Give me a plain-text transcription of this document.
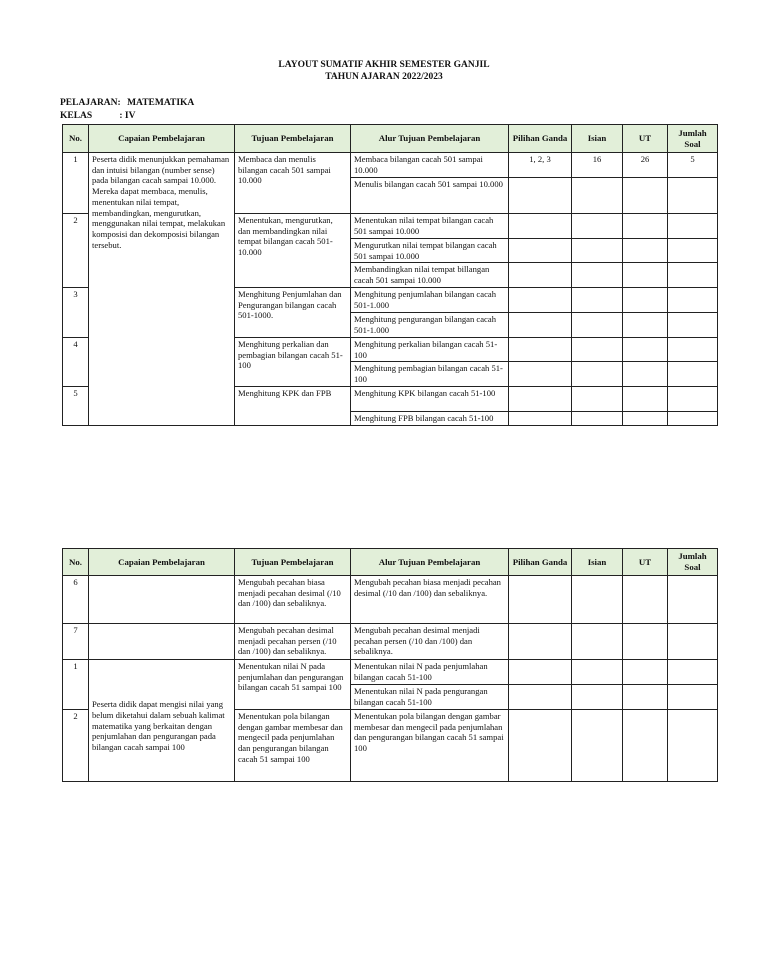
LAYOUT SUMATIF AKHIR SEMESTER GANJIL
TAHUN AJARAN 2022/2023
PELAJARAN: MATEMATIKA
KELAS	: IV
No.	Capaian Pembelajaran	Tujuan Pembelajaran	Alur Tujuan Pembelajaran	Pilihan Ganda	Isian	UT	Jumlah Soal
1	Peserta didik menunjukkan pemahaman dan intuisi bilangan (number sense) pada bilangan cacah sampai 10.000. Mereka dapat membaca, menulis, menentukan nilai tempat, membandingkan, mengurutkan, menggunakan nilai tempat, melakukan komposisi dan dekomposisi bilangan tersebut.	Membaca dan menulis bilangan cacah 501 sampai 10.000	Membaca bilangan cacah 501 sampai 10.000	1, 2, 3	16	26	5
			Menulis bilangan cacah 501 sampai 10.000				
2		Menentukan, mengurutkan, dan membandingkan nilai tempat bilangan cacah 501-10.000	Menentukan nilai tempat bilangan cacah 501 sampai 10.000				
			Mengurutkan nilai tempat bilangan cacah 501 sampai 10.000				
			Membandingkan nilai tempat billangan cacah 501 sampai 10.000				
3		Menghitung Penjumlahan dan Pengurangan bilangan cacah 501-1000.	Menghitung penjumlahan bilangan cacah 501-1.000				
			Menghitung pengurangan bilangan cacah 501-1.000				
4		Menghitung perkalian dan pembagian bilangan cacah 51-100	Menghitung perkalian bilangan cacah 51-100				
			Menghitung pembagian bilangan cacah 51-100				
5		Menghitung KPK dan FPB	Menghitung KPK bilangan cacah 51-100				
			Menghitung FPB bilangan cacah 51-100				
No.	Capaian Pembelajaran	Tujuan Pembelajaran	Alur Tujuan Pembelajaran	Pilihan Ganda	Isian	UT	Jumlah Soal
6		Mengubah pecahan biasa menjadi pecahan desimal (/10 dan /100) dan sebaliknya.	Mengubah pecahan biasa menjadi pecahan desimal (/10 dan /100) dan sebaliknya.				
7		Mengubah pecahan desimal menjadi pecahan persen (/10 dan /100) dan sebaliknya.	Mengubah pecahan desimal menjadi pecahan persen (/10 dan /100) dan sebaliknya.				
1	Peserta didik dapat mengisi nilai yang belum diketahui dalam sebuah kalimat matematika yang berkaitan dengan penjumlahan dan pengurangan pada bilangan cacah sampai 100	Menentukan nilai N pada penjumlahan dan pengurangan bilangan cacah 51 sampai 100	Menentukan nilai N pada penjumlahan bilangan cacah 51-100				
			Menentukan nilai N pada pengurangan bilangan cacah 51-100				
2		Menentukan pola bilangan dengan gambar membesar dan mengecil pada penjumlahan dan pengurangan bilangan cacah 51 sampai 100	Menentukan pola bilangan dengan gambar membesar dan mengecil pada penjumlahan dan pengurangan bilangan cacah 51 sampai 100				
